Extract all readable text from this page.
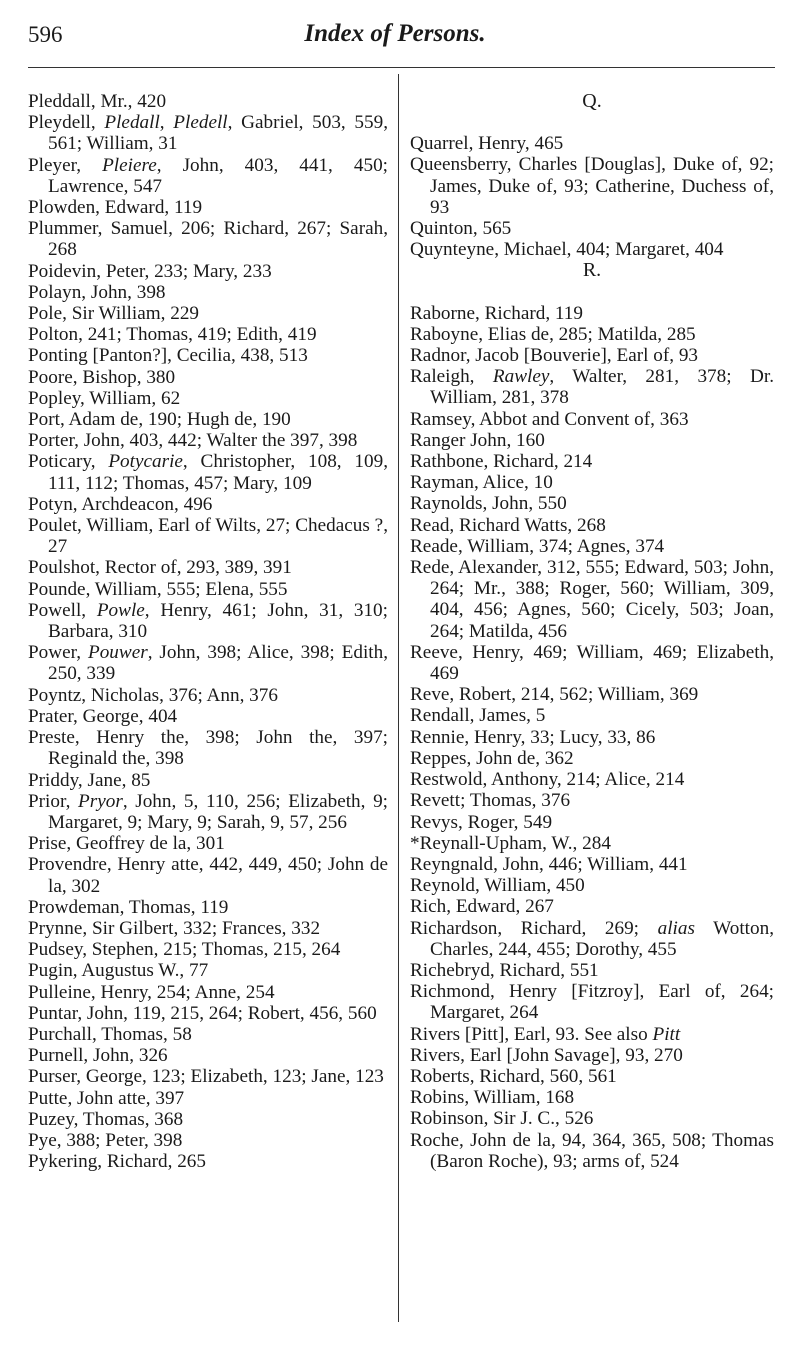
596	Index of Persons.

Pleddall, Mr., 420

Pleydell, Pledall, Pledell, Gabriel, 503, 559, 561; William, 31

Pleyer, Pleiere, John, 403, 441, 450; Lawrence, 547

Plowden, Edward, 119

Plummer, Samuel, 206; Richard, 267; Sarah, 268

Poidevin, Peter, 233; Mary, 233

Polayn, John, 398

Pole, Sir William, 229

Polton, 241; Thomas, 419; Edith, 419

Ponting [Panton?], Cecilia, 438, 513

Poore, Bishop, 380

Popley, William, 62

Port, Adam de, 190; Hugh de, 190

Porter, John, 403, 442; Walter the 397, 398

Poticary, Potycarie, Christopher, 108, 109, 111, 112; Thomas, 457; Mary, 109

Potyn, Archdeacon, 496

Poulet, William, Earl of Wilts, 27; Chedacus ?, 27

Poulshot, Rector of, 293, 389, 391

Pounde, William, 555; Elena, 555

Powell, Powle, Henry, 461; John, 31, 310; Barbara, 310

Power, Pouwer, John, 398; Alice, 398; Edith, 250, 339

Poyntz, Nicholas, 376; Ann, 376

Prater, George, 404

Preste, Henry the, 398; John the, 397; Reginald the, 398

Priddy, Jane, 85

Prior, Pryor, John, 5, 110, 256; Elizabeth, 9; Margaret, 9; Mary, 9; Sarah, 9, 57, 256

Prise, Geoffrey de la, 301

Provendre, Henry atte, 442, 449, 450; John de la, 302

Prowdeman, Thomas, 119

Prynne, Sir Gilbert, 332; Frances, 332

Pudsey, Stephen, 215; Thomas, 215, 264

Pugin, Augustus W., 77

Pulleine, Henry, 254; Anne, 254

Puntar, John, 119, 215, 264; Robert, 456, 560

Purchall, Thomas, 58

Purnell, John, 326

Purser, George, 123; Elizabeth, 123; Jane, 123

Putte, John atte, 397

Puzey, Thomas, 368

Pye, 388; Peter, 398

Pykering, Richard, 265

Q.

Quarrel, Henry, 465

Queensberry, Charles [Douglas], Duke of, 92; James, Duke of, 93; Catherine, Duchess of, 93

Quinton, 565

Quynteyne, Michael, 404; Margaret, 404

R.

Raborne, Richard, 119

Raboyne, Elias de, 285; Matilda, 285

Radnor, Jacob [Bouverie], Earl of, 93

Raleigh, Rawley, Walter, 281, 378; Dr. William, 281, 378

Ramsey, Abbot and Convent of, 363

Ranger John, 160

Rathbone, Richard, 214

Rayman, Alice, 10

Raynolds, John, 550

Read, Richard Watts, 268

Reade, William, 374; Agnes, 374

Rede, Alexander, 312, 555; Edward, 503; John, 264; Mr., 388; Roger, 560; William, 309, 404, 456; Agnes, 560; Cicely, 503; Joan, 264; Matilda, 456

Reeve, Henry, 469; William, 469; Elizabeth, 469

Reve, Robert, 214, 562; William, 369

Rendall, James, 5

Rennie, Henry, 33; Lucy, 33, 86

Reppes, John de, 362

Restwold, Anthony, 214; Alice, 214

Revett; Thomas, 376

Revys, Roger, 549

*Reynall-Upham, W., 284

Reyngnald, John, 446; William, 441

Reynold, William, 450

Rich, Edward, 267

Richardson, Richard, 269; alias Wotton, Charles, 244, 455; Dorothy, 455

Richebryd, Richard, 551

Richmond, Henry [Fitzroy], Earl of, 264; Margaret, 264

Rivers [Pitt], Earl, 93. See also Pitt

Rivers, Earl [John Savage], 93, 270

Roberts, Richard, 560, 561

Robins, William, 168

Robinson, Sir J. C., 526

Roche, John de la, 94, 364, 365, 508; Thomas (Baron Roche), 93; arms of, 524
